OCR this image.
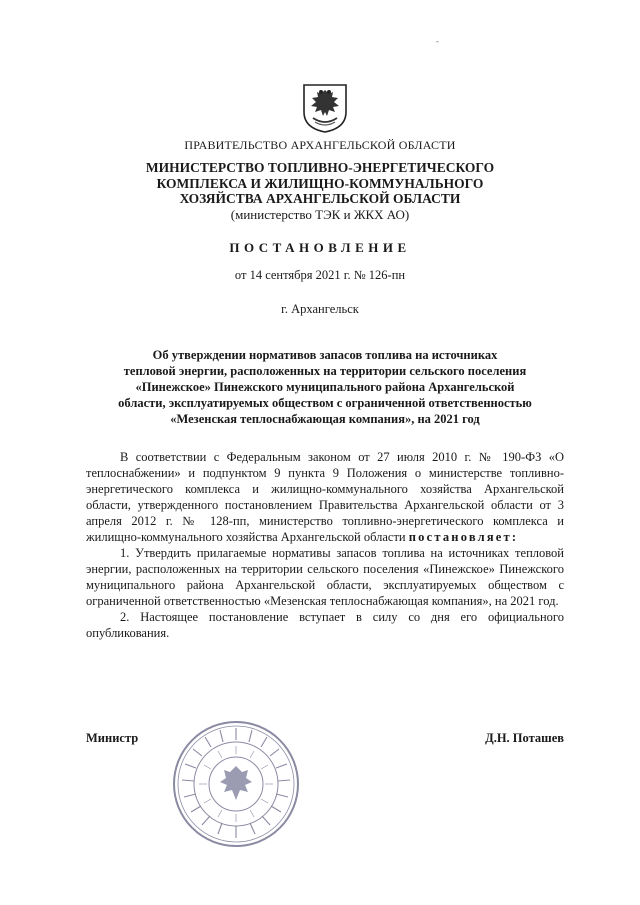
-
ПРАВИТЕЛЬСТВО АРХАНГЕЛЬСКОЙ ОБЛАСТИ
МИНИСТЕРСТВО ТОПЛИВНО-ЭНЕРГЕТИЧЕСКОГО
КОМПЛЕКСА И ЖИЛИЩНО-КОММУНАЛЬНОГО
ХОЗЯЙСТВА АРХАНГЕЛЬСКОЙ ОБЛАСТИ
(министерство ТЭК и ЖКХ АО)
ПОСТАНОВЛЕНИЕ
от 14 сентября 2021 г. № 126-пн
г. Архангельск
Об утверждении нормативов запасов топлива на источниках
тепловой энергии, расположенных на территории сельского поселения
«Пинежское» Пинежского муниципального района Архангельской
области, эксплуатируемых обществом с ограниченной ответственностью
«Мезенская теплоснабжающая компания», на 2021 год

В соответствии с Федеральным законом от 27 июля 2010 г. № 190-ФЗ «О теплоснабжении» и подпунктом 9 пункта 9 Положения о министерстве топливно-энергетического комплекса и жилищно-коммунального хозяйства Архангельской области, утвержденного постановлением Правительства Архангельской области от 3 апреля 2012 г. № 128-пп, министерство топливно-энергетического комплекса и жилищно-коммунального хозяйства Архангельской области постановляет:

1. Утвердить прилагаемые нормативы запасов топлива на источниках тепловой энергии, расположенных на территории сельского поселения «Пинежское» Пинежского муниципального района Архангельской области, эксплуатируемых обществом с ограниченной ответственностью «Мезенская теплоснабжающая компания», на 2021 год.

2. Настоящее постановление вступает в силу со дня его официального опубликования.

Министр	Д.Н. Поташев
